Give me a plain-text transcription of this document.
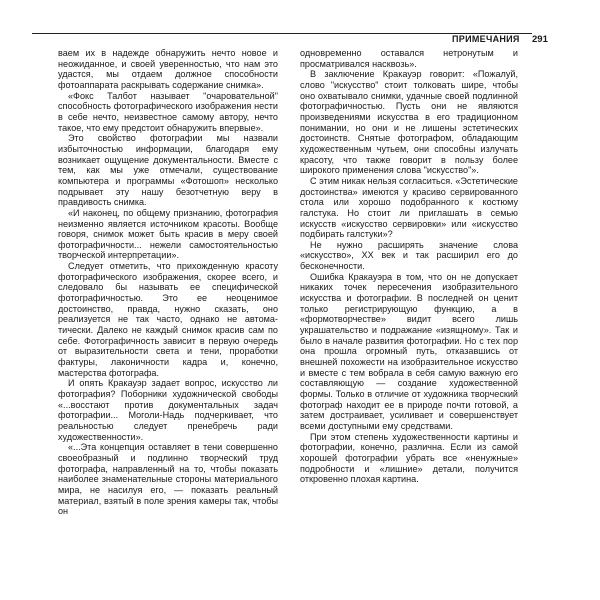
ПРИМЕЧАНИЯ 291

ваем их в надежде обнаружить нечто новое и неожиданное, и своей уверенностью, что нам это удастся, мы отдаем должное способности фотоаппарата раскрывать содержание снимка».

«Фокс Талбот называет "очаровательной" способность фотографического изображения нести в себе нечто, неизвестное самому автору, нечто такое, что ему предстоит обнаружить впервые».

Это свойство фотографии мы назвали избыточностью информации, благодаря ему возникает ощущение документальности. Вместе с тем, как мы уже отмечали, существование компьютера и программы «Фотошоп» несколько подрывает эту нашу безотчетную веру в правдивость снимка.

«И наконец, по общему признанию, фотография неизменно является источником красоты. Вообще говоря, снимок может быть красив в меру своей фотографичности... нежели самостоятельностью творческой интерпретации».

Следует отметить, что прихожденную красоту фотографического изображения, скорее всего, и следовало бы называть ее специфической фотографичностью. Это ее неоценимое достоинство, правда, нужно сказать, оно реализуется не так часто, однако не автоматически. Далеко не каждый снимок красив сам по себе. Фотографичность зависит в первую очередь от выразительности света и тени, проработки фактуры, лаконичности кадра и, конечно, мастерства фотографа.

И опять Кракауэр задает вопрос, искусство ли фотография? Поборники художнической свободы «...восстают против документальных задач фотографии... Моголи-Надь подчеркивает, что реальностью следует пренебречь ради художественности».

«...Эта концепция оставляет в тени совершенно своеобразный и подлинно творческий труд фотографа, направленный на то, чтобы показать наиболее знаменательные стороны материального мира, не насилуя его, — показать реальный материал, взятый в поле зрения камеры так, чтобы он

одновременно оставался нетронутым и просматривался насквозь».

В заключение Кракауэр говорит: «Пожалуй, слово "искусство" стоит толковать шире, чтобы оно охватывало снимки, удачные своей подлинной фотографичностью. Пусть они не являются произведениями искусства в его традиционном понимании, но они и не лишены эстетических достоинств. Снятые фотографом, обладающим художественным чутьем, они способны излучать красоту, что также говорит в пользу более широкого применения слова "искусство"».

С этим никак нельзя согласиться. «Эстетические достоинства» имеются у красиво сервированного стола или хорошо подобранного к костюму галстука. Но стоит ли приглашать в семью искусств «искусство сервировки» или «искусство подбирать галстуки»?

Не нужно расширять значение слова «искусство», XX век и так расширил его до бесконечности.

Ошибка Кракауэра в том, что он не допускает никаких точек пересечения изобразительного искусства и фотографии. В последней он ценит только регистрирующую функцию, а в «формотворчестве» видит всего лишь украшательство и подражание «изящному». Так и было в начале развития фотографии. Но с тех пор она прошла огромный путь, отказавшись от внешней похожести на изобразительное искусство и вместе с тем вобрала в себя самую важную его составляющую — создание художественной формы. Только в отличие от художника творческий фотограф находит ее в природе почти готовой, а затем достраивает, усиливает и совершенствует всеми доступными ему средствами.

При этом степень художественности картины и фотографии, конечно, различна. Если из самой хорошей фотографии убрать все «ненужные» подробности и «лишние» детали, получится откровенно плохая картина.
